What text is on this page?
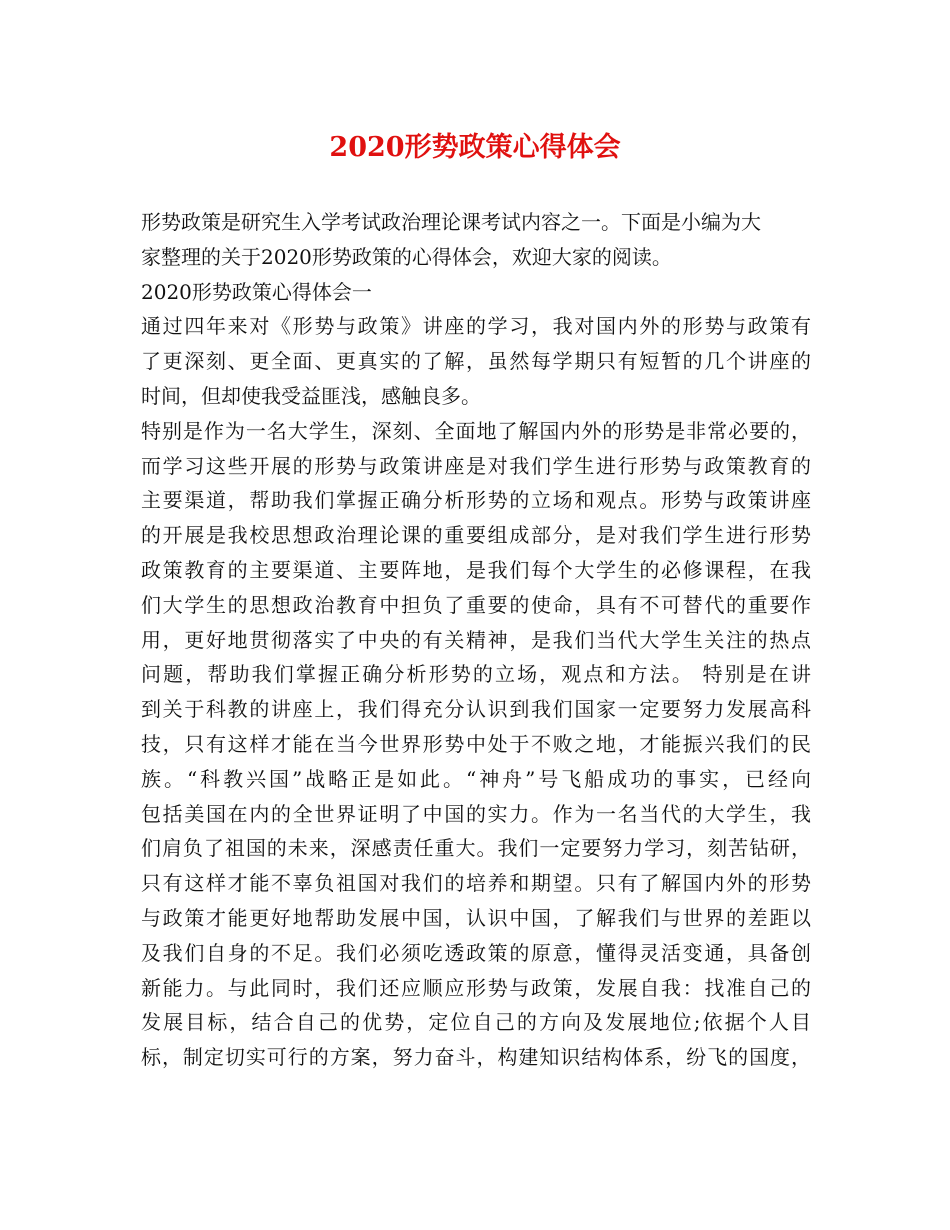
2020形势政策心得体会
形势政策是研究生入学考试政治理论课考试内容之一。下面是小编为大
家整理的关于2020形势政策的心得体会，欢迎大家的阅读。
2020形势政策心得体会一
通过四年来对《形势与政策》讲座的学习，我对国内外的形势与政策有
了更深刻、更全面、更真实的了解，虽然每学期只有短暂的几个讲座的
时间，但却使我受益匪浅，感触良多。
特别是作为一名大学生，深刻、全面地了解国内外的形势是非常必要的，
而学习这些开展的形势与政策讲座是对我们学生进行形势与政策教育的
主要渠道，帮助我们掌握正确分析形势的立场和观点。形势与政策讲座
的开展是我校思想政治理论课的重要组成部分，是对我们学生进行形势
政策教育的主要渠道、主要阵地，是我们每个大学生的必修课程，在我
们大学生的思想政治教育中担负了重要的使命，具有不可替代的重要作
用，更好地贯彻落实了中央的有关精神，是我们当代大学生关注的热点
问题，帮助我们掌握正确分析形势的立场，观点和方法。 特别是在讲
到关于科教的讲座上，我们得充分认识到我们国家一定要努力发展高科
技，只有这样才能在当今世界形势中处于不败之地，才能振兴我们的民
族。“科教兴国”战略正是如此。“神舟”号飞船成功的事实，已经向
包括美国在内的全世界证明了中国的实力。作为一名当代的大学生，我
们肩负了祖国的未来，深感责任重大。我们一定要努力学习，刻苦钻研，
只有这样才能不辜负祖国对我们的培养和期望。只有了解国内外的形势
与政策才能更好地帮助发展中国，认识中国，了解我们与世界的差距以
及我们自身的不足。我们必须吃透政策的原意，懂得灵活变通，具备创
新能力。与此同时，我们还应顺应形势与政策，发展自我：找准自己的
发展目标，结合自己的优势，定位自己的方向及发展地位;依据个人目
标，制定切实可行的方案，努力奋斗，构建知识结构体系，纷飞的国度，
